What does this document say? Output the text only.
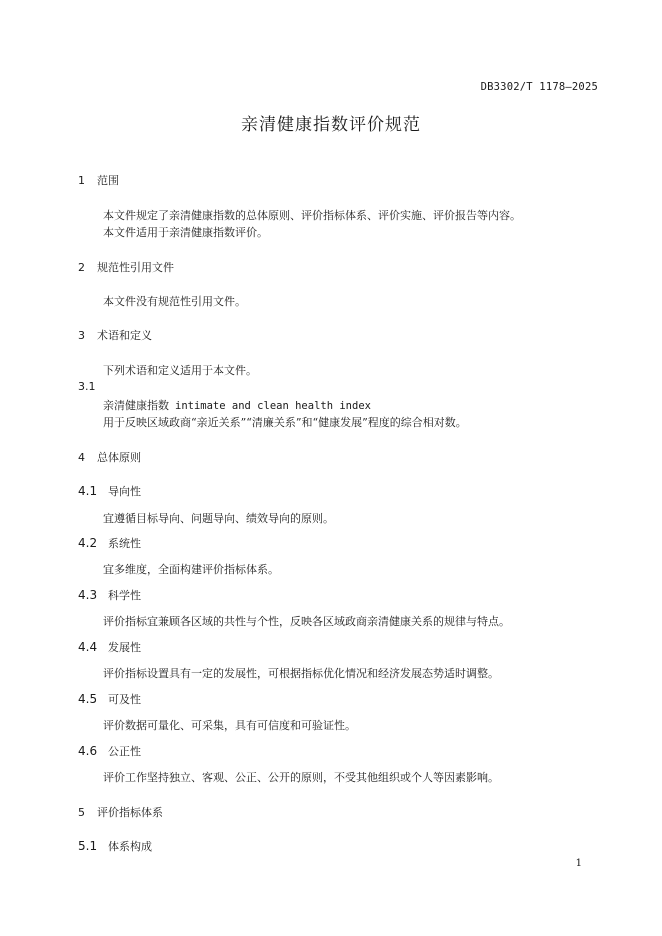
DB3302/T 1178—2025
亲清健康指数评价规范
1 范围
本文件规定了亲清健康指数的总体原则、评价指标体系、评价实施、评价报告等内容。
本文件适用于亲清健康指数评价。
2 规范性引用文件
本文件没有规范性引用文件。
3 术语和定义
下列术语和定义适用于本文件。
3.1
亲清健康指数 intimate and clean health index
用于反映区域政商“亲近关系”“清廉关系”和“健康发展”程度的综合相对数。
4 总体原则
4.1 导向性
宜遵循目标导向、问题导向、绩效导向的原则。
4.2 系统性
宜多维度，全面构建评价指标体系。
4.3 科学性
评价指标宜兼顾各区域的共性与个性，反映各区域政商亲清健康关系的规律与特点。
4.4 发展性
评价指标设置具有一定的发展性，可根据指标优化情况和经济发展态势适时调整。
4.5 可及性
评价数据可量化、可采集，具有可信度和可验证性。
4.6 公正性
评价工作坚持独立、客观、公正、公开的原则，不受其他组织或个人等因素影响。
5 评价指标体系
5.1 体系构成
1
